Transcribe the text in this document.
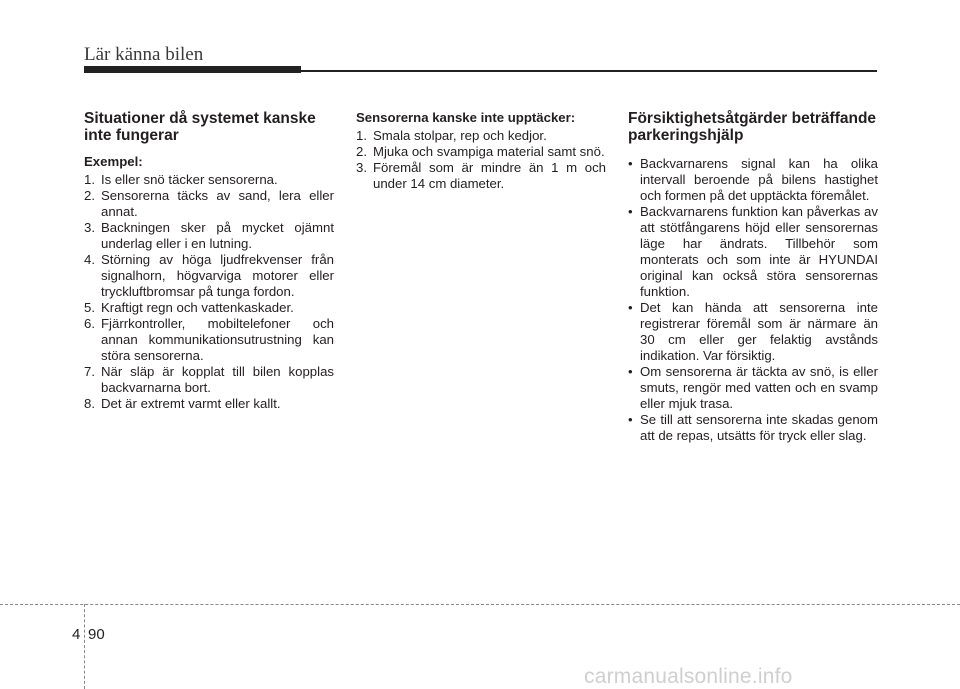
Lär känna bilen
Situationer då systemet kanske inte fungerar
Exempel:
1. Is eller snö täcker sensorerna.
2. Sensorerna täcks av sand, lera eller annat.
3. Backningen sker på mycket ojämnt underlag eller i en lutning.
4. Störning av höga ljudfrekvenser från signalhorn, högvarviga motorer eller tryckluftbromsar på tunga fordon.
5. Kraftigt regn och vattenkaskader.
6. Fjärrkontroller, mobiltelefoner och annan kommunikationsutrustning kan störa sensorerna.
7. När släp är kopplat till bilen kopplas backvarnarna bort.
8. Det är extremt varmt eller kallt.
Sensorerna kanske inte upptäcker:
1. Smala stolpar, rep och kedjor.
2. Mjuka och svampiga material samt snö.
3. Föremål som är mindre än 1 m och under 14 cm diameter.
Försiktighetsåtgärder beträffande parkeringshjälp
• Backvarnarens signal kan ha olika intervall beroende på bilens hastighet och formen på det upptäckta föremålet.
• Backvarnarens funktion kan påverkas av att stötfångarens höjd eller sensorernas läge har ändrats. Tillbehör som monterats och som inte är HYUNDAI original kan också störa sensorernas funktion.
• Det kan hända att sensorerna inte registrerar föremål som är närmare än 30 cm eller ger felaktig avstånds indikation. Var försiktig.
• Om sensorerna är täckta av snö, is eller smuts, rengör med vatten och en svamp eller mjuk trasa.
• Se till att sensorerna inte skadas genom att de repas, utsätts för tryck eller slag.
4 90
carmanualsonline.info
